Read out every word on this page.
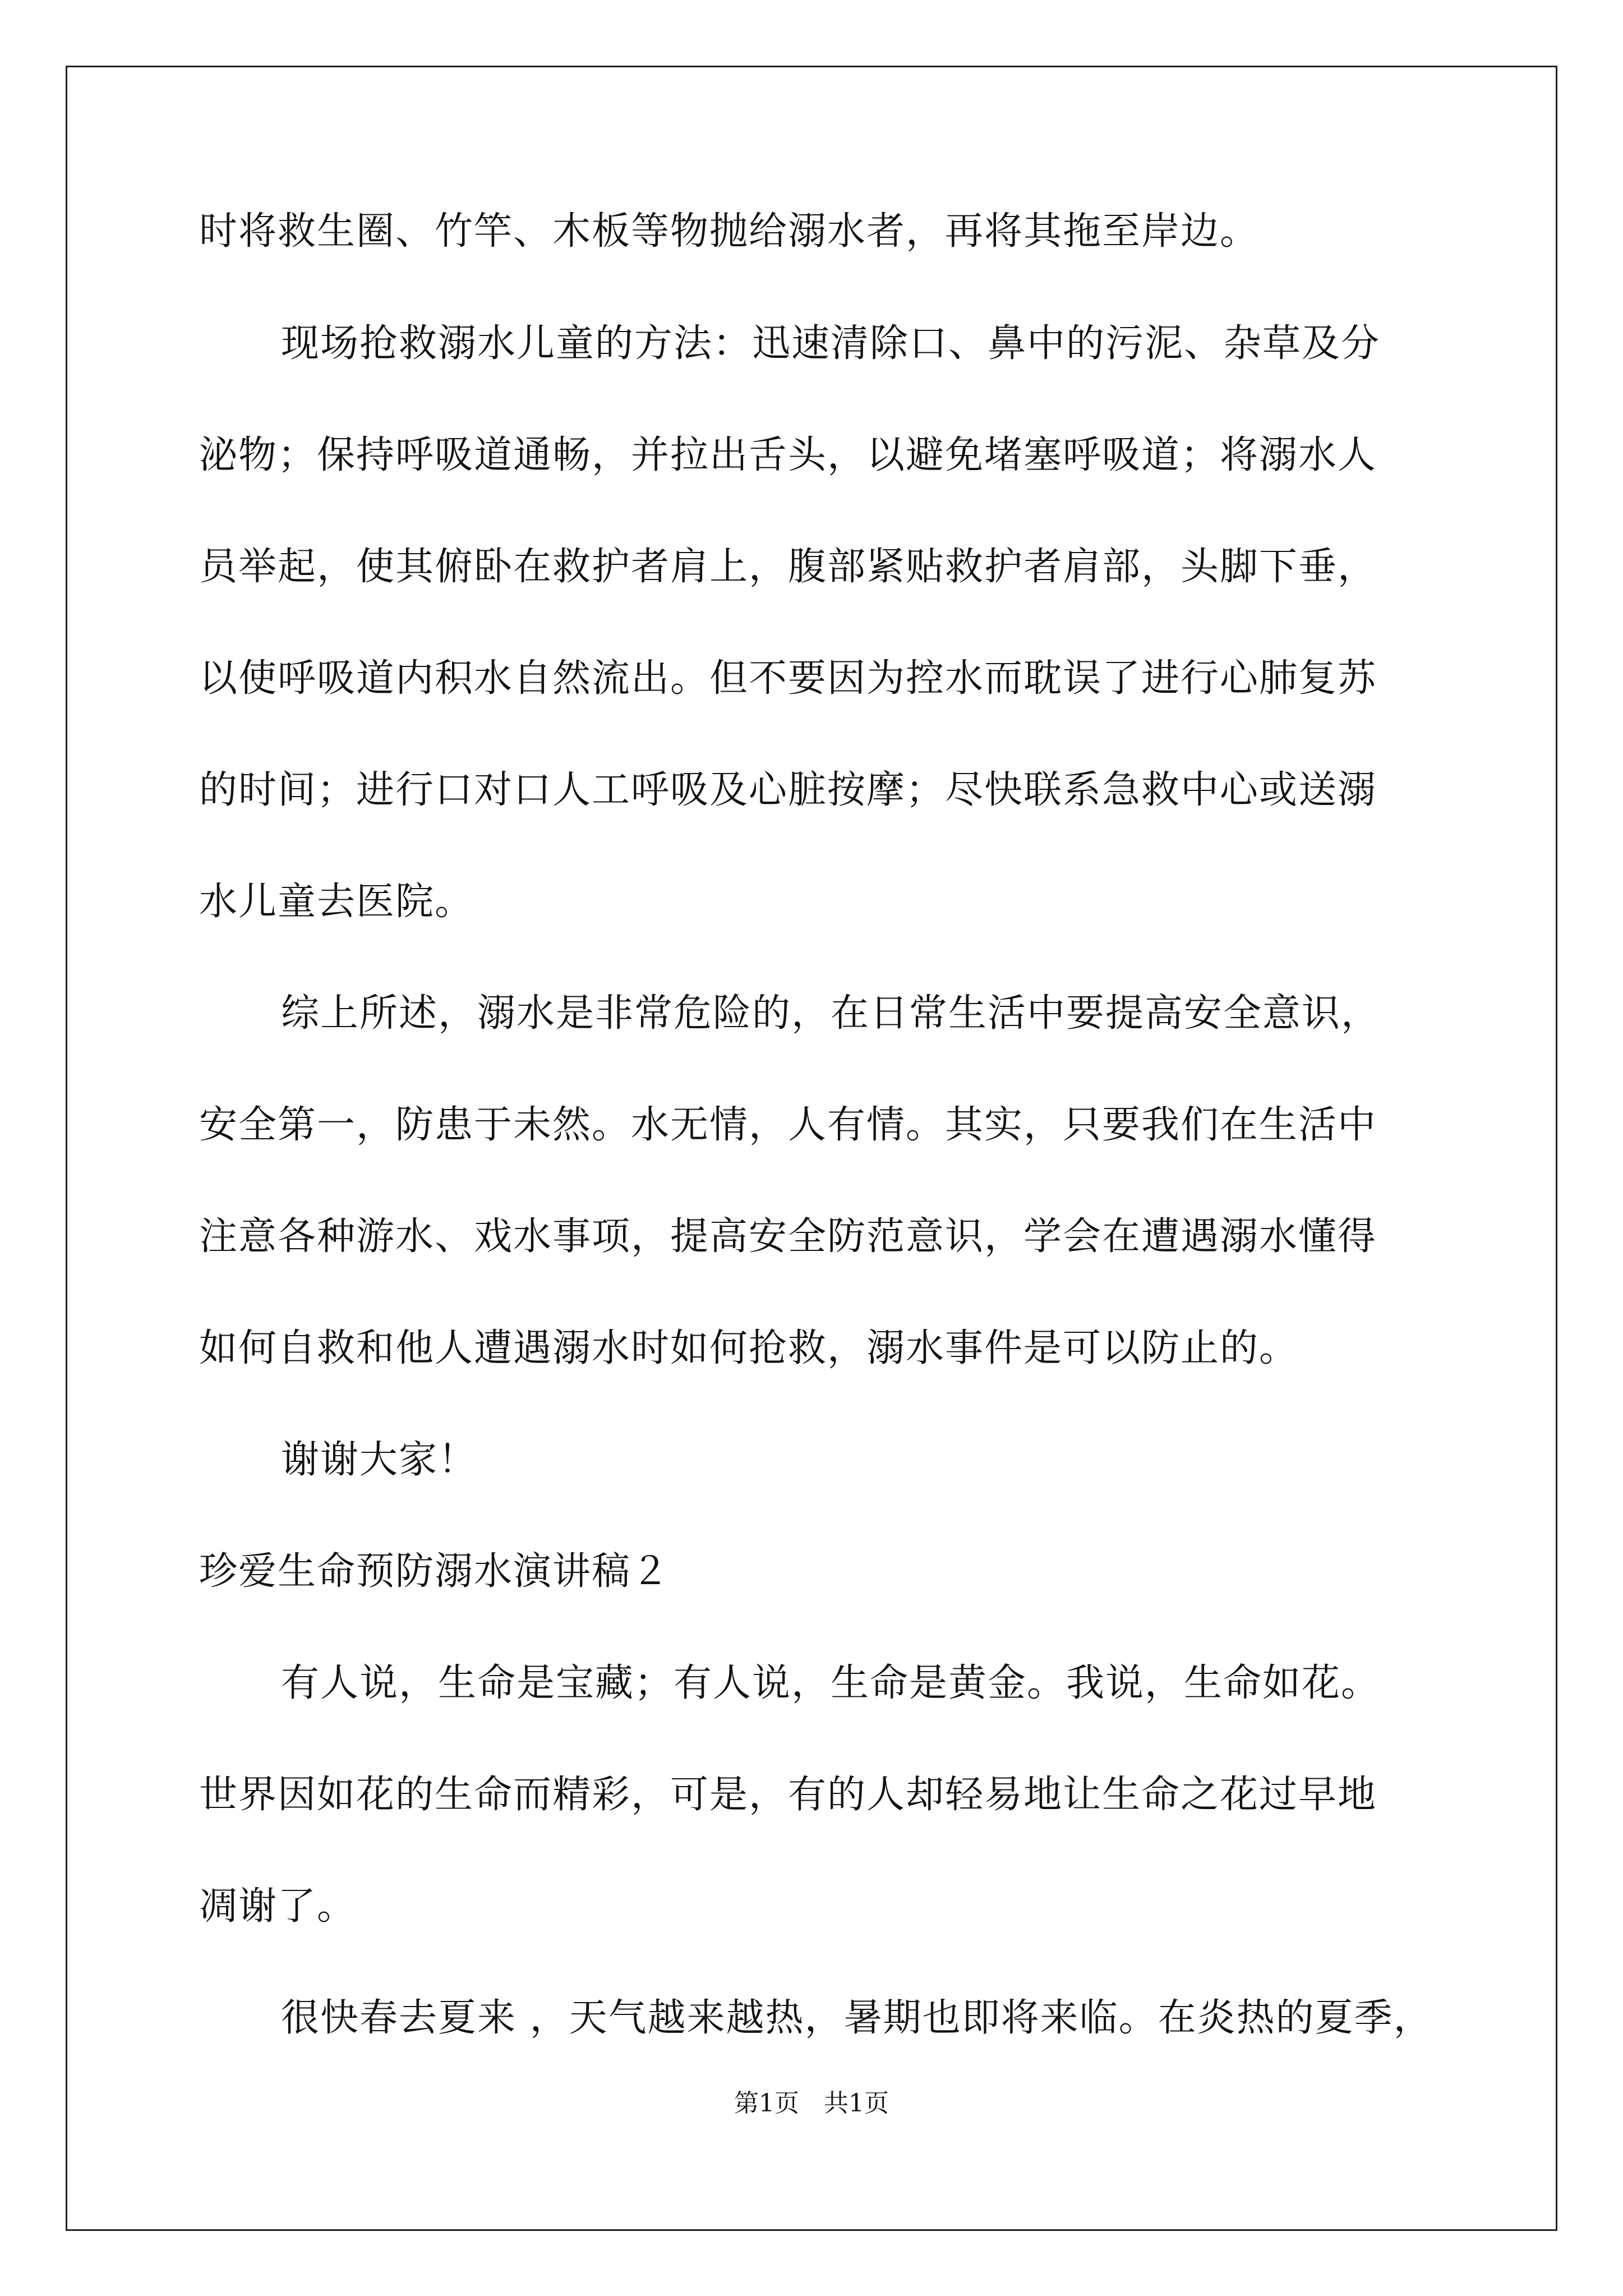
时将救生圈、竹竿、木板等物抛给溺水者，再将其拖至岸边。
现场抢救溺水儿童的方法：迅速清除口、鼻中的污泥、杂草及分
泌物；保持呼吸道通畅，并拉出舌头，以避免堵塞呼吸道；将溺水人
员举起，使其俯卧在救护者肩上，腹部紧贴救护者肩部，头脚下垂，
以使呼吸道内积水自然流出。但不要因为控水而耽误了进行心肺复苏
的时间；进行口对口人工呼吸及心脏按摩；尽快联系急救中心或送溺
水儿童去医院。
综上所述，溺水是非常危险的，在日常生活中要提高安全意识，
安全第一，防患于未然。水无情，人有情。其实，只要我们在生活中
注意各种游水、戏水事项，提高安全防范意识，学会在遭遇溺水懂得
如何自救和他人遭遇溺水时如何抢救，溺水事件是可以防止的。
谢谢大家！
珍爱生命预防溺水演讲稿２
有人说，生命是宝藏；有人说，生命是黄金。我说，生命如花。
世界因如花的生命而精彩，可是，有的人却轻易地让生命之花过早地
凋谢了。
很快春去夏来 ，天气越来越热，暑期也即将来临。在炎热的夏季，
第1页　共1页
